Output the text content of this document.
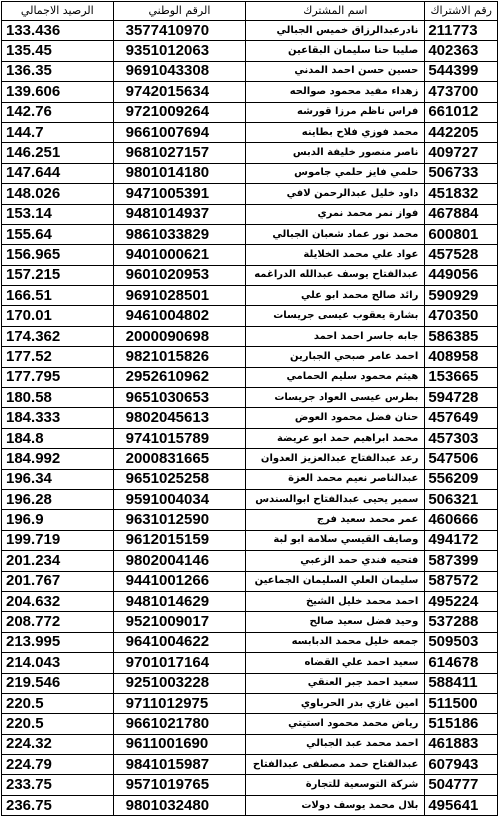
الرصيد الاجمالي	الرقم الوطني	اسم المشترك	رقم الاشتراك
133.436	3577410970	نادرعبدالرزاق خميس الجبالي	211773
135.45	9351012063	صليبا حنا سليمان البقاعين	402363
136.35	9691043308	حسين حسن احمد المدني	544399
139.606	9742015634	زهداء مفيد محمود صوالحه	473700
142.76	9721009264	فراس ناظم مرزا قورشه	661012
144.7	9661007694	محمد فوزي فلاح بطاينه	442205
146.251	9681027157	ناصر منصور خليفة الدبس	409727
147.644	9801014180	حلمي فايز حلمي جاموس	506733
148.026	9471005391	داود خليل عبدالرحمن لافي	451832
153.14	9481014937	فواز نمر محمد نمري	467884
155.64	9861033829	محمد نور عماد شعبان الجبالي	600801
156.965	9401000621	عواد علي محمد الخلايلة	457528
157.215	9601020953	عبدالفتاح يوسف عبدالله الدراغمه	449056
166.51	9691028501	رائد صالح محمد ابو علي	590929
170.01	9461004802	بشارة يعقوب عيسى جريسات	470350
174.362	2000090698	جابه جاسر احمد احمد	586385
177.52	9821015826	احمد عامر صبحي الجبارين	408958
177.795	2952610962	هيثم محمود سليم الحمامي	153665
180.58	9651030653	بطرس عيسى العواد جريسات	594728
184.333	9802045613	حنان فضل محمود العوض	457649
184.8	9741015789	محمد ابراهيم حمد ابو عريضة	457303
184.992	2000831665	رعد عبدالفتاح عبدالعزيز العدوان	547506
196.34	9651025258	عبدالناصر نعيم محمد العزة	556209
196.28	9591004034	سمير يحيى عبدالفتاح ابوالسندس	506321
196.9	9631012590	عمر محمد سعيد فرج	460666
199.719	9612015159	وصايف القيسي سلامة ابو لبة	494172
201.234	9802004146	فتحيه فندي حمد الزعبي	587399
201.767	9441001266	سليمان العلي السليمان الجماعين	587572
204.632	9481014629	احمد محمد خليل الشيخ	495224
208.772	9521009017	وحيد فضل سعيد صالح	537288
213.995	9641004622	جمعه خليل محمد الدبابسه	509503
214.043	9701017164	سعيد احمد علي القضاه	614678
219.546	9251003228	سعيد احمد جبر العنقي	588411
220.5	9711012975	امين غازي بدر الحرباوي	511500
220.5	9661021780	رياض محمد محمود استيتي	515186
224.32	9611001690	احمد محمد عبد الجبالي	461883
224.79	9841015987	عبدالفتاح حمد مصطفى عبدالفتاح	607943
233.75	9571019765	شركة التوسعية للتجارة	504777
236.75	9801032480	بلال محمد يوسف دولات	495641
